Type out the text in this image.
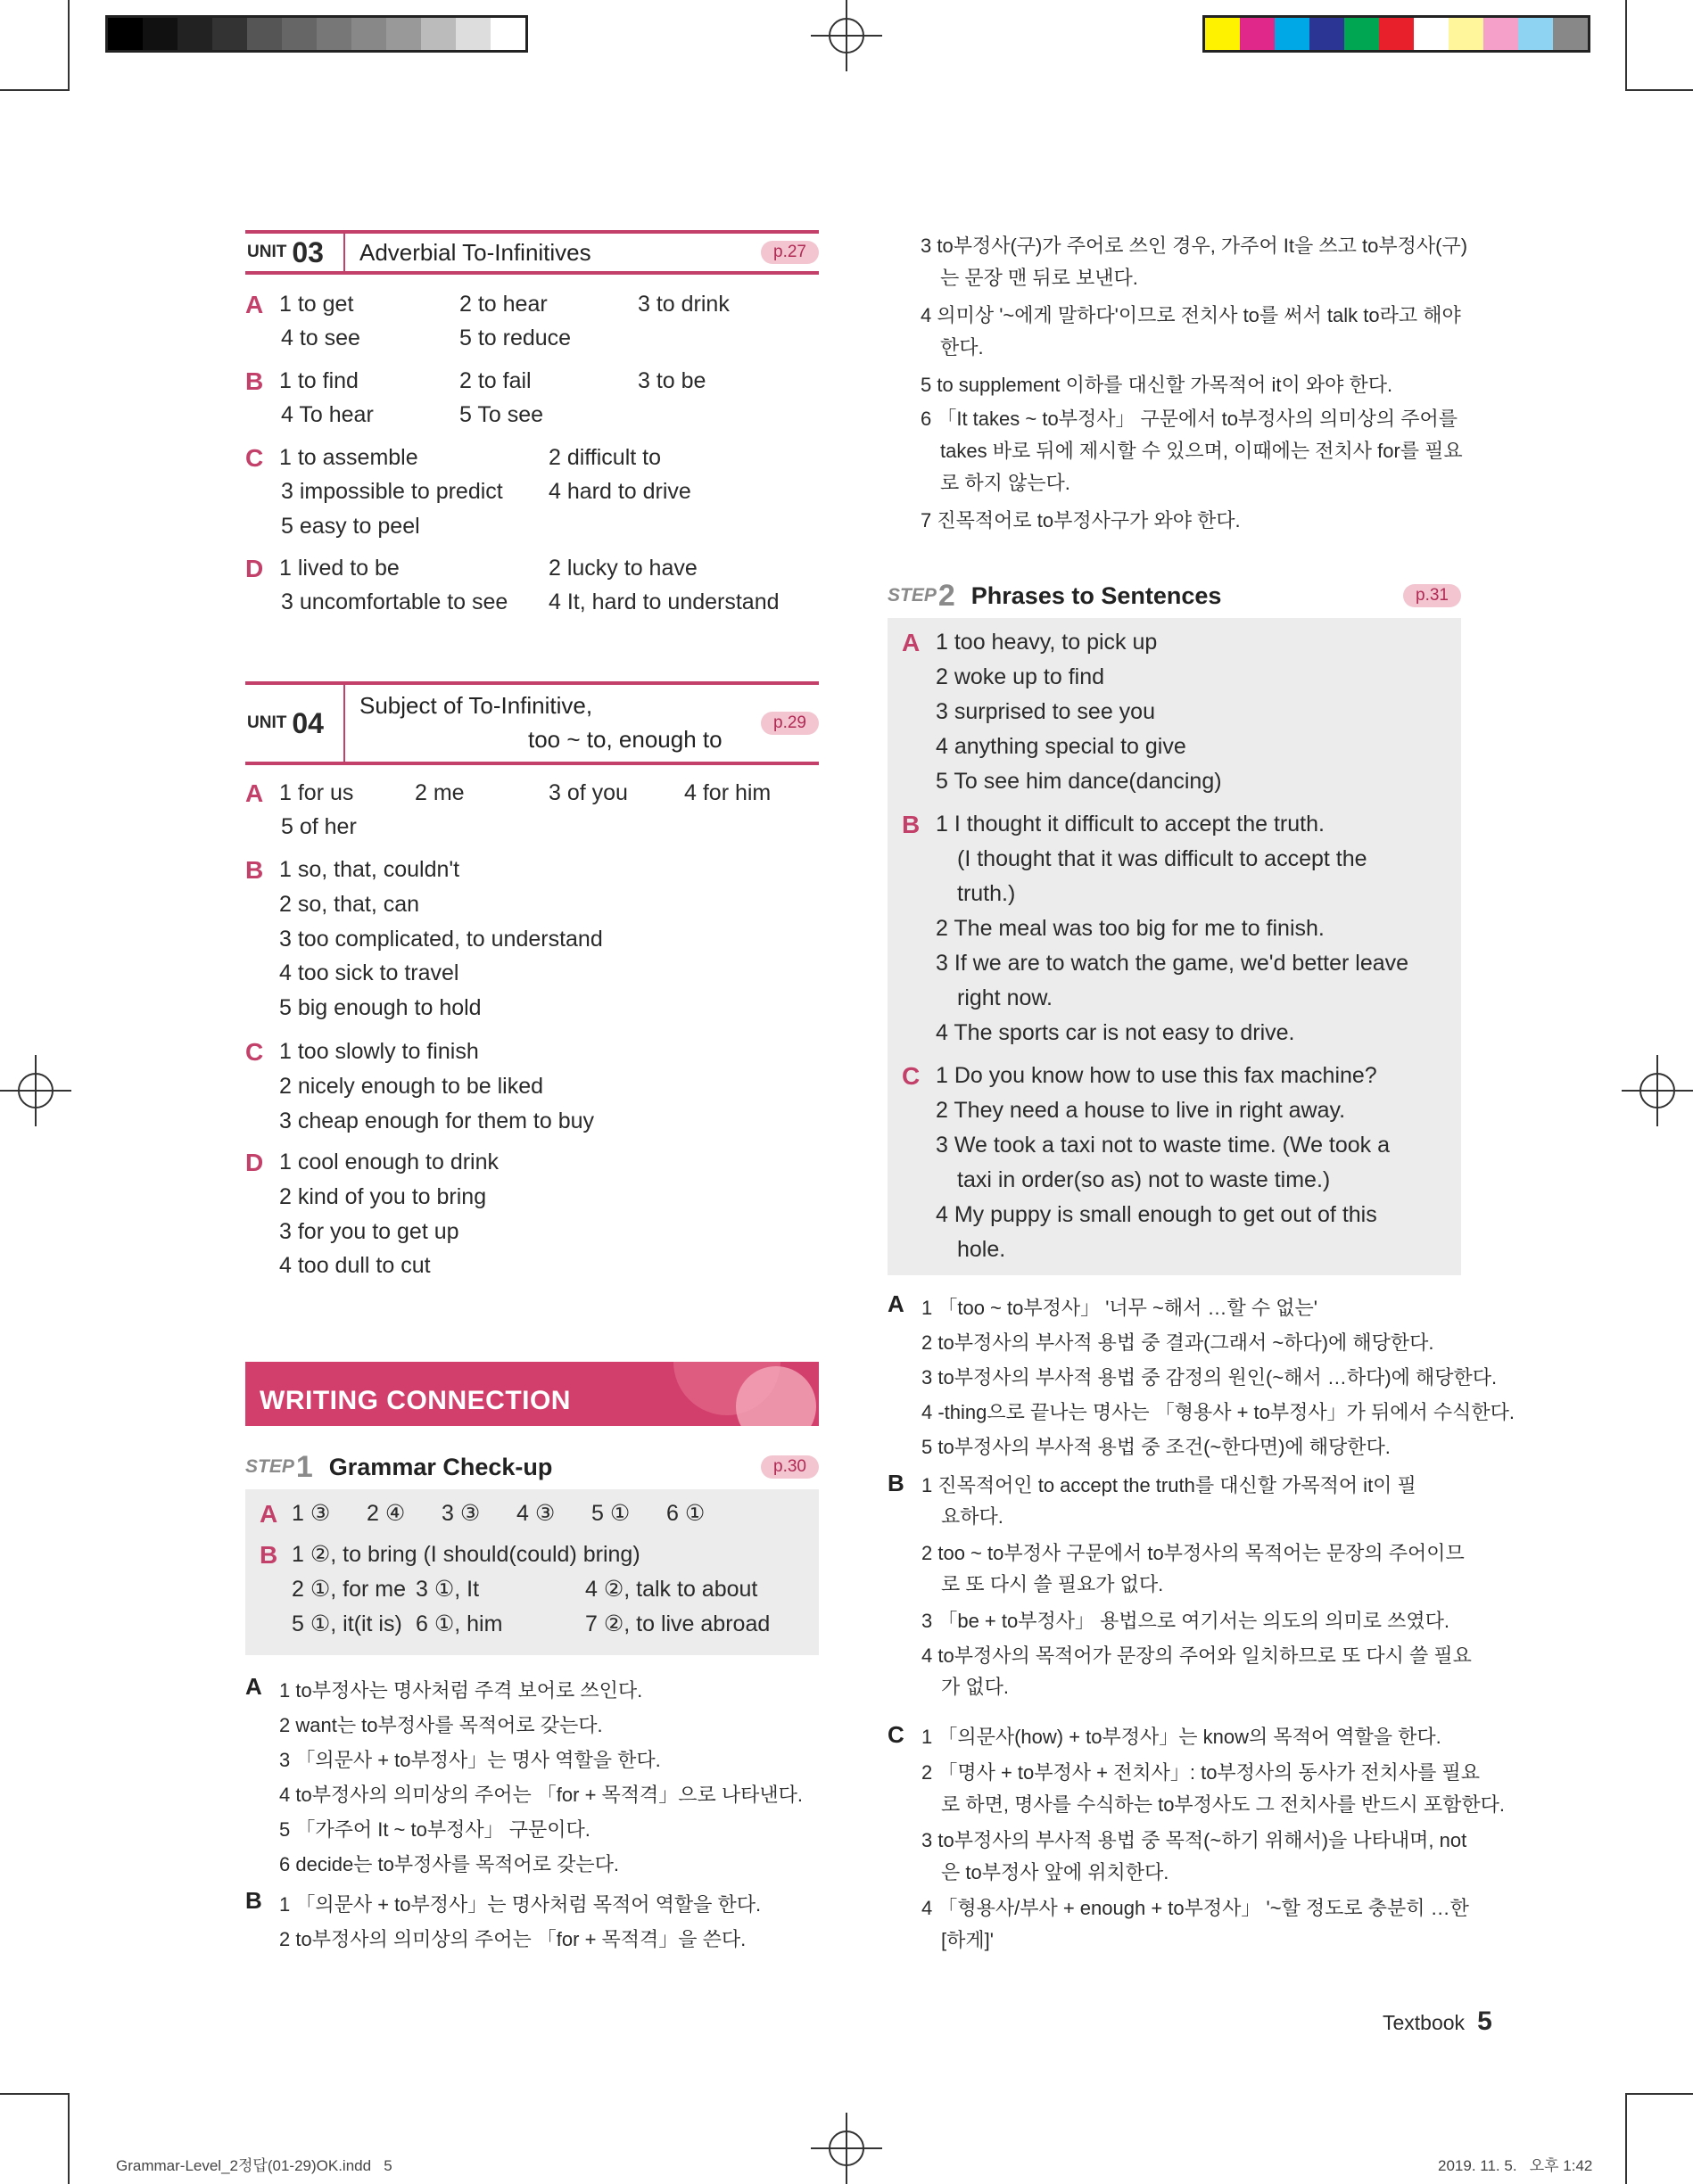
UNIT 03	Adverbial To-Infinitives	p.27
A 1 to get	2 to hear	3 to drink
4 to see	5 to reduce
B 1 to find	2 to fail	3 to be
4 To hear	5 To see
C 1 to assemble	2 difficult to
3 impossible to predict 4 hard to drive
5 easy to peel
D 1 lived to be	2 lucky to have
3 uncomfortable to see 4 It, hard to understand
UNIT 04
Subject of To-Infinitive,
too ~ to, enough to
p.29
A 1 for us	2 me	3 of you	4 for him
5 of her
B 1 so, that, couldn't
2 so, that, can
3 too complicated, to understand
4 too sick to travel
5 big enough to hold
C 1 too slowly to finish
2 nicely enough to be liked
3 cheap enough for them to buy
D 1 cool enough to drink
2 kind of you to bring
3 for you to get up
4 too dull to cut
WRITING CONNECTION
STEP 1 Grammar Check-up	p.30
A 1 ③ 2 ④ 3 ③ 4 ③ 5 ① 6 ①
B 1 ②, to bring (I should(could) bring)
2 ①, for me 3 ①, It	4 ②, talk to about
5 ①, it(it is) 6 ①, him	7 ②, to live abroad
A 1 to부정사는 명사처럼 주격 보어로 쓰인다.
2 want는 to부정사를 목적어로 갖는다.
3 「의문사 + to부정사」는 명사 역할을 한다.
4 to부정사의 의미상의 주어는 「for + 목적격」으로 나타낸다.
5 「가주어 It ~ to부정사」 구문이다.
6 decide는 to부정사를 목적어로 갖는다.
B 1 「의문사 + to부정사」는 명사처럼 목적어 역할을 한다.
2 to부정사의 의미상의 주어는 「for + 목적격」을 쓴다.
3 to부정사(구)가 주어로 쓰인 경우, 가주어 It을 쓰고 to부정사(구)
는 문장 맨 뒤로 보낸다.
4 의미상 '~에게 말하다'이므로 전치사 to를 써서 talk to라고 해야
한다.
5 to supplement 이하를 대신할 가목적어 it이 와야 한다.
6 「It takes ~ to부정사」 구문에서 to부정사의 의미상의 주어를
takes 바로 뒤에 제시할 수 있으며, 이때에는 전치사 for를 필요
로 하지 않는다.
7 진목적어로 to부정사구가 와야 한다.
STEP 2 Phrases to Sentences	p.31
A 1 too heavy, to pick up
2 woke up to find
3 surprised to see you
4 anything special to give
5 To see him dance(dancing)
B 1 I thought it difficult to accept the truth.
(I thought that it was difficult to accept the
truth.)
2 The meal was too big for me to finish.
3 If we are to watch the game, we'd better leave
right now.
4 The sports car is not easy to drive.
C 1 Do you know how to use this fax machine?
2 They need a house to live in right away.
3 We took a taxi not to waste time. (We took a
taxi in order(so as) not to waste time.)
4 My puppy is small enough to get out of this
hole.
A 1 「too ~ to부정사」 '너무 ~해서 …할 수 없는'
2 to부정사의 부사적 용법 중 결과(그래서 ~하다)에 해당한다.
3 to부정사의 부사적 용법 중 감정의 원인(~해서 …하다)에 해당한다.
4 -thing으로 끝나는 명사는 「형용사 + to부정사」가 뒤에서 수식한다.
5 to부정사의 부사적 용법 중 조건(~한다면)에 해당한다.
B 1 진목적어인 to accept the truth를 대신할 가목적어 it이 필
요하다.
2 too ~ to부정사 구문에서 to부정사의 목적어는 문장의 주어이므
로 또 다시 쓸 필요가 없다.
3 「be + to부정사」 용법으로 여기서는 의도의 의미로 쓰였다.
4 to부정사의 목적어가 문장의 주어와 일치하므로 또 다시 쓸 필요
가 없다.
C 1 「의문사(how) + to부정사」는 know의 목적어 역할을 한다.
2 「명사 + to부정사 + 전치사」: to부정사의 동사가 전치사를 필요
로 하면, 명사를 수식하는 to부정사도 그 전치사를 반드시 포함한다.
3 to부정사의 부사적 용법 중 목적(~하기 위해서)을 나타내며, not
은 to부정사 앞에 위치한다.
4 「형용사/부사 + enough + to부정사」 '~할 정도로 충분히 …한
[하게]'
Textbook 5
Grammar-Level_2정답(01-29)OK.indd   5	2019. 11. 5.   오후 1:42
